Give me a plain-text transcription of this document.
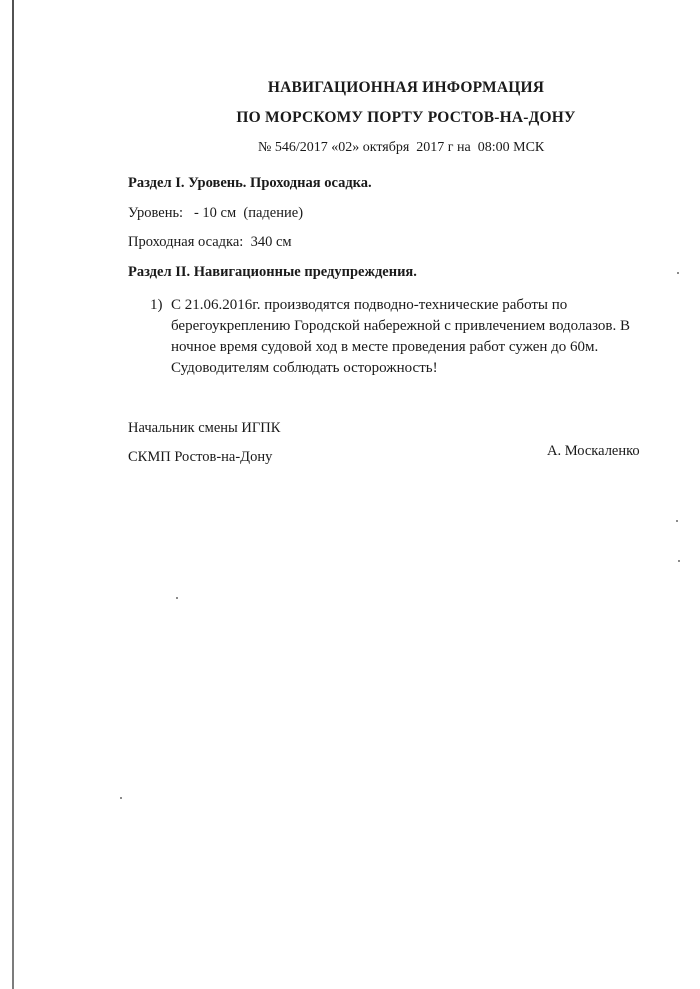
НАВИГАЦИОННАЯ ИНФОРМАЦИЯ
ПО МОРСКОМУ ПОРТУ РОСТОВ-НА-ДОНУ
№ 546/2017 «02» октября  2017 г на  08:00 МСК
Раздел I. Уровень. Проходная осадка.
Уровень:   - 10 см  (падение)
Проходная осадка:  340 см
Раздел II. Навигационные предупреждения.
1) С 21.06.2016г. производятся подводно-технические работы по берегоукреплению Городской набережной с привлечением водолазов. В ночное время судовой ход в месте проведения работ сужен до 60м. Судоводителям соблюдать осторожность!
Начальник смены ИГПК
СКМП Ростов-на-Дону	А. Москаленко
